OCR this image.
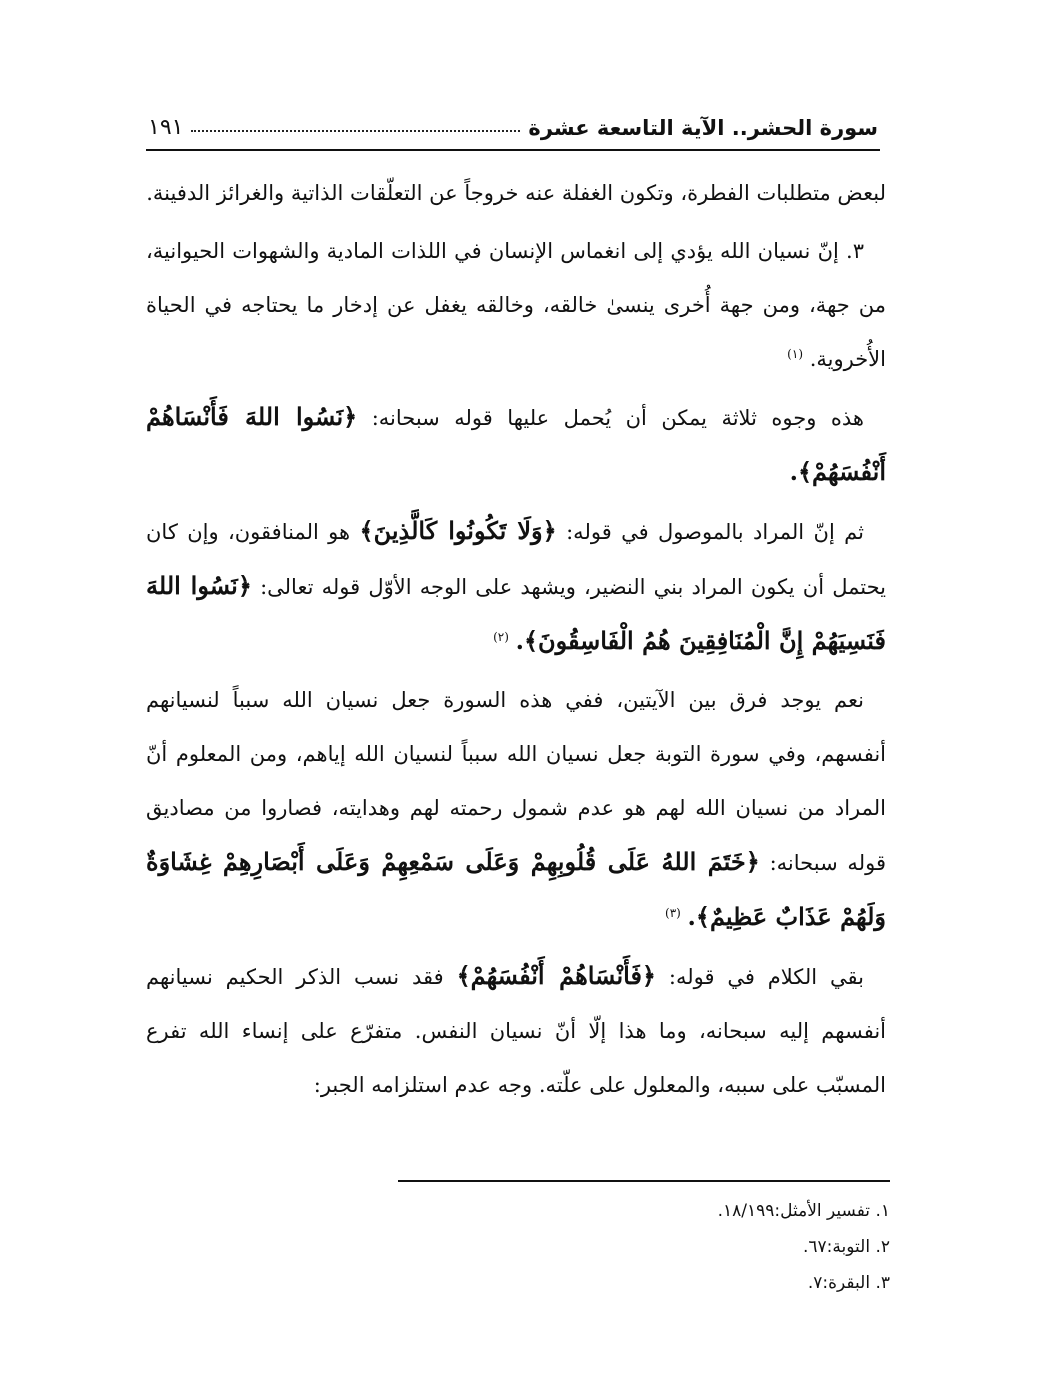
سورة الحشر.. الآية التاسعة عشرة
١٩١

لبعض متطلبات الفطرة، وتكون الغفلة عنه خروجاً عن التعلّقات الذاتية والغرائز الدفينة.

٣. إنّ نسيان الله يؤدي إلى انغماس الإنسان في اللذات المادية والشهوات الحيوانية، من جهة، ومن جهة أُخرى ينسىٰ خالقه، وخالقه يغفل عن إدخار ما يحتاجه في الحياة الأُخروية. $^{(١)}$

هذه وجوه ثلاثة يمكن أن يُحمل عليها قوله سبحانه: ﴿نَسُوا اللهَ فَأَنْسَاهُمْ أَنْفُسَهُمْ﴾.

ثم إنّ المراد بالموصول في قوله: ﴿وَلَا تَكُونُوا كَالَّذِينَ﴾ هو المنافقون، وإن كان يحتمل أن يكون المراد بني النضير، ويشهد على الوجه الأوّل قوله تعالى: ﴿نَسُوا اللهَ فَنَسِيَهُمْ إِنَّ الْمُنَافِقِينَ هُمُ الْفَاسِقُونَ﴾. $^{(٢)}$

نعم يوجد فرق بين الآيتين، ففي هذه السورة جعل نسيان الله سبباً لنسيانهم أنفسهم، وفي سورة التوبة جعل نسيان الله سبباً لنسيان الله إياهم، ومن المعلوم أنّ المراد من نسيان الله لهم هو عدم شمول رحمته لهم وهدايته، فصاروا من مصاديق قوله سبحانه: ﴿خَتَمَ اللهُ عَلَى قُلُوبِهِمْ وَعَلَى سَمْعِهِمْ وَعَلَى أَبْصَارِهِمْ غِشَاوَةٌ وَلَهُمْ عَذَابٌ عَظِيمٌ﴾. $^{(٣)}$

بقي الكلام في قوله: ﴿فَأَنْسَاهُمْ أَنْفُسَهُمْ﴾ فقد نسب الذكر الحكيم نسيانهم أنفسهم إليه سبحانه، وما هذا إلّا أنّ نسيان النفس. متفرّع على إنساء الله تفرع المسبّب على سببه، والمعلول على علّته. وجه عدم استلزامه الجبر:

١. تفسير الأمثل:١٨/١٩٩.

٢. التوبة:٦٧.

٣. البقرة:٧.
